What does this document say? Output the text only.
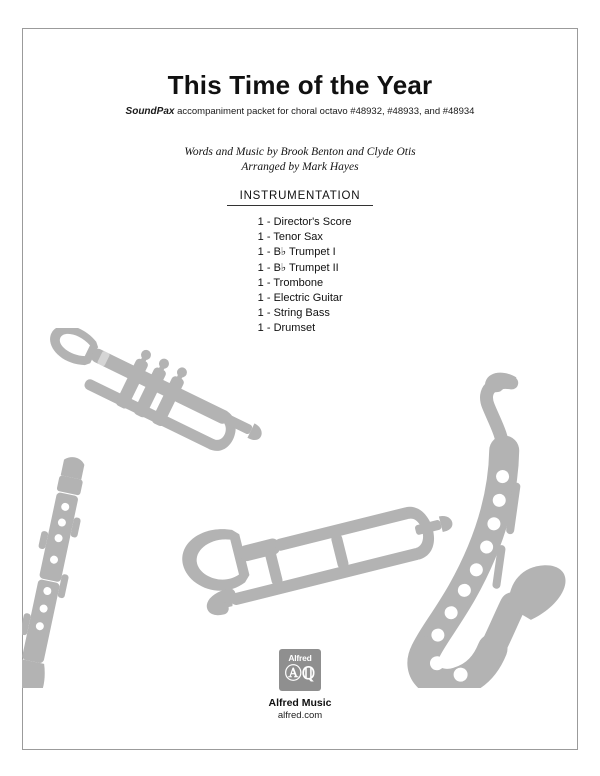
This Time of the Year
SoundPax accompaniment packet for choral octavo #48932, #48933, and #48934
Words and Music by Brook Benton and Clyde Otis
Arranged by Mark Hayes
INSTRUMENTATION
1 - Director's Score
1 - Tenor Sax
1 - B♭ Trumpet I
1 - B♭ Trumpet II
1 - Trombone
1 - Electric Guitar
1 - String Bass
1 - Drumset
Alfred
Ⓐℚ
Alfred Music
alfred.com
